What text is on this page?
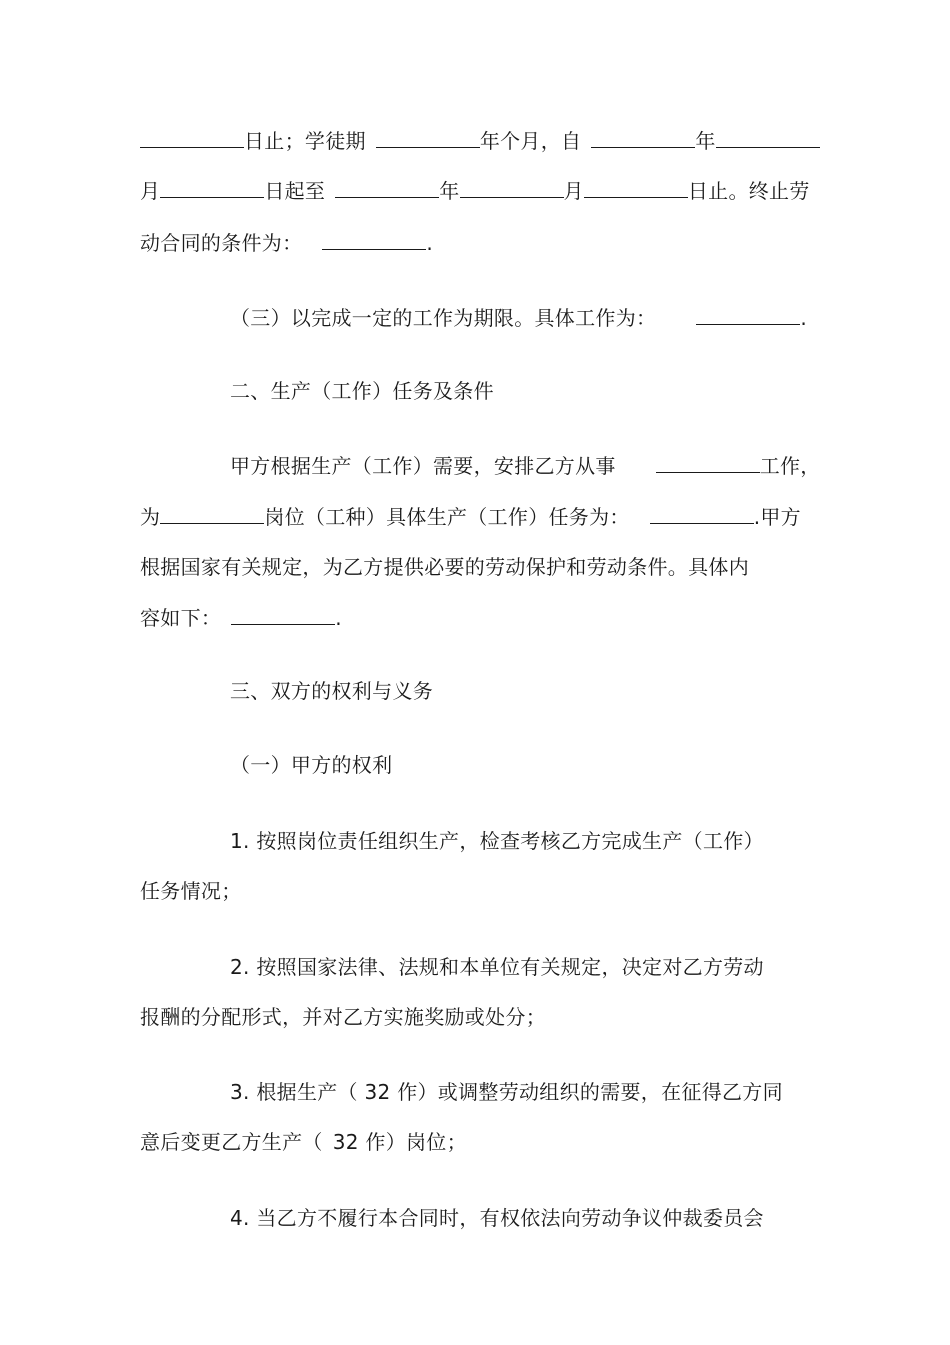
日止；学徒期	年个月，自	年
月	日起至	年	月	日止。终止劳
动合同的条件为：	.
（三）以完成一定的工作为期限。具体工作为：	.
二、生产（工作）任务及条件
甲方根据生产（工作）需要，安排乙方从事	工作，
为	岗位（工种）具体生产（工作）任务为：	.甲方
根据国家有关规定，为乙方提供必要的劳动保护和劳动条件。具体内
容如下：	.
三、双方的权利与义务
（一）甲方的权利
1. 按照岗位责任组织生产，检查考核乙方完成生产（工作）
任务情况；
2. 按照国家法律、法规和本单位有关规定，决定对乙方劳动
报酬的分配形式，并对乙方实施奖励或处分；
3. 根据生产（ 32 作）或调整劳动组织的需要，在征得乙方同
意后变更乙方生产（ 32 作）岗位；
4. 当乙方不履行本合同时，有权依法向劳动争议仲裁委员会
